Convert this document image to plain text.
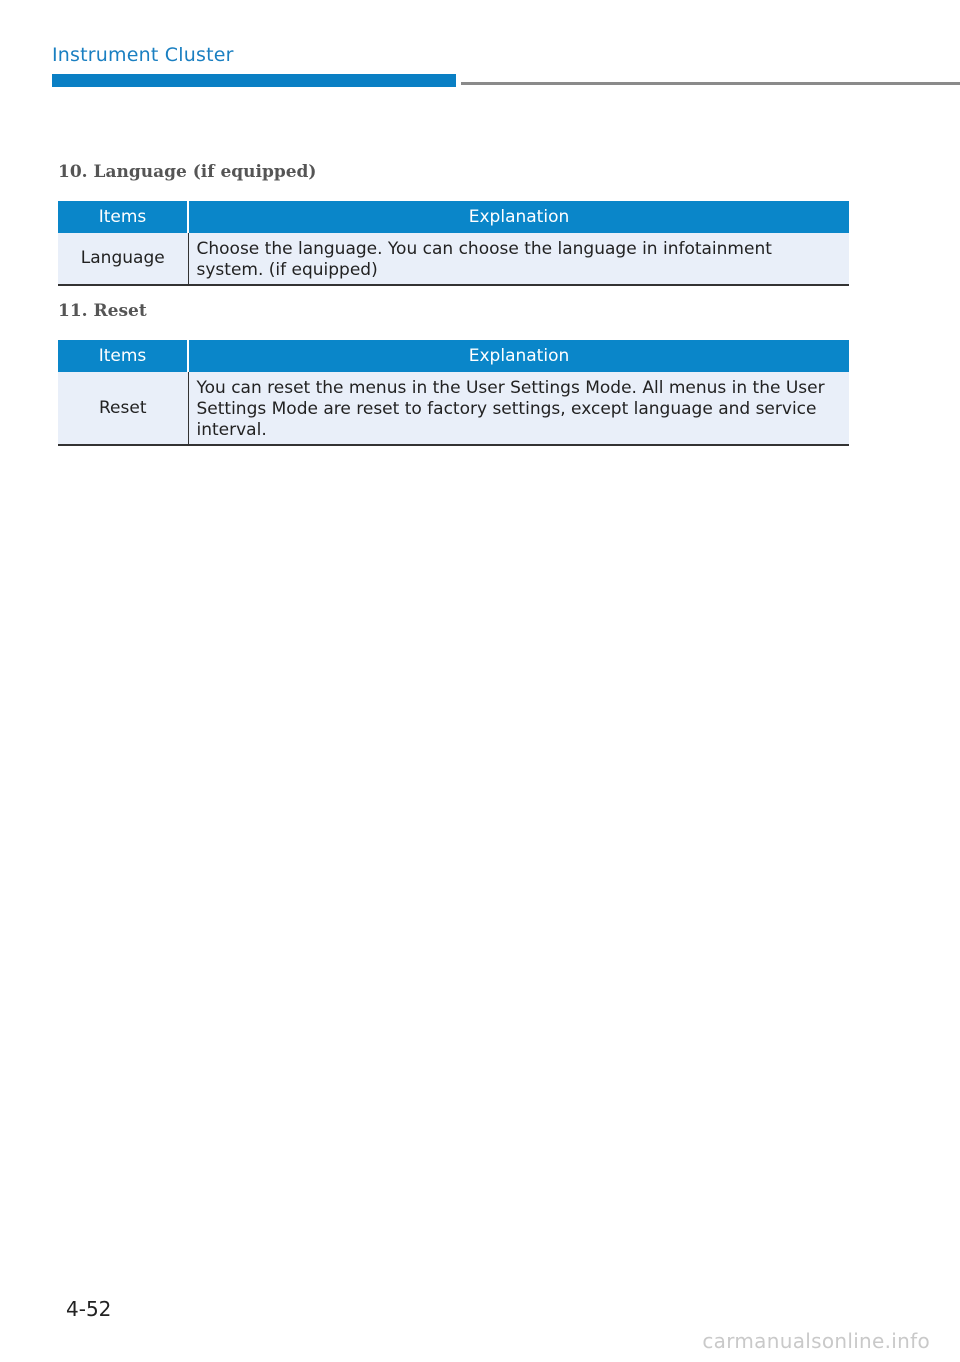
Instrument Cluster
10. Language (if equipped)
Items	Explanation
Language	Choose the language. You can choose the language in infotainment system. (if equipped)
11. Reset
Items	Explanation
Reset	You can reset the menus in the User Settings Mode. All menus in the User Settings Mode are reset to factory settings, except language and service interval.
4-52
carmanualsonline.info
